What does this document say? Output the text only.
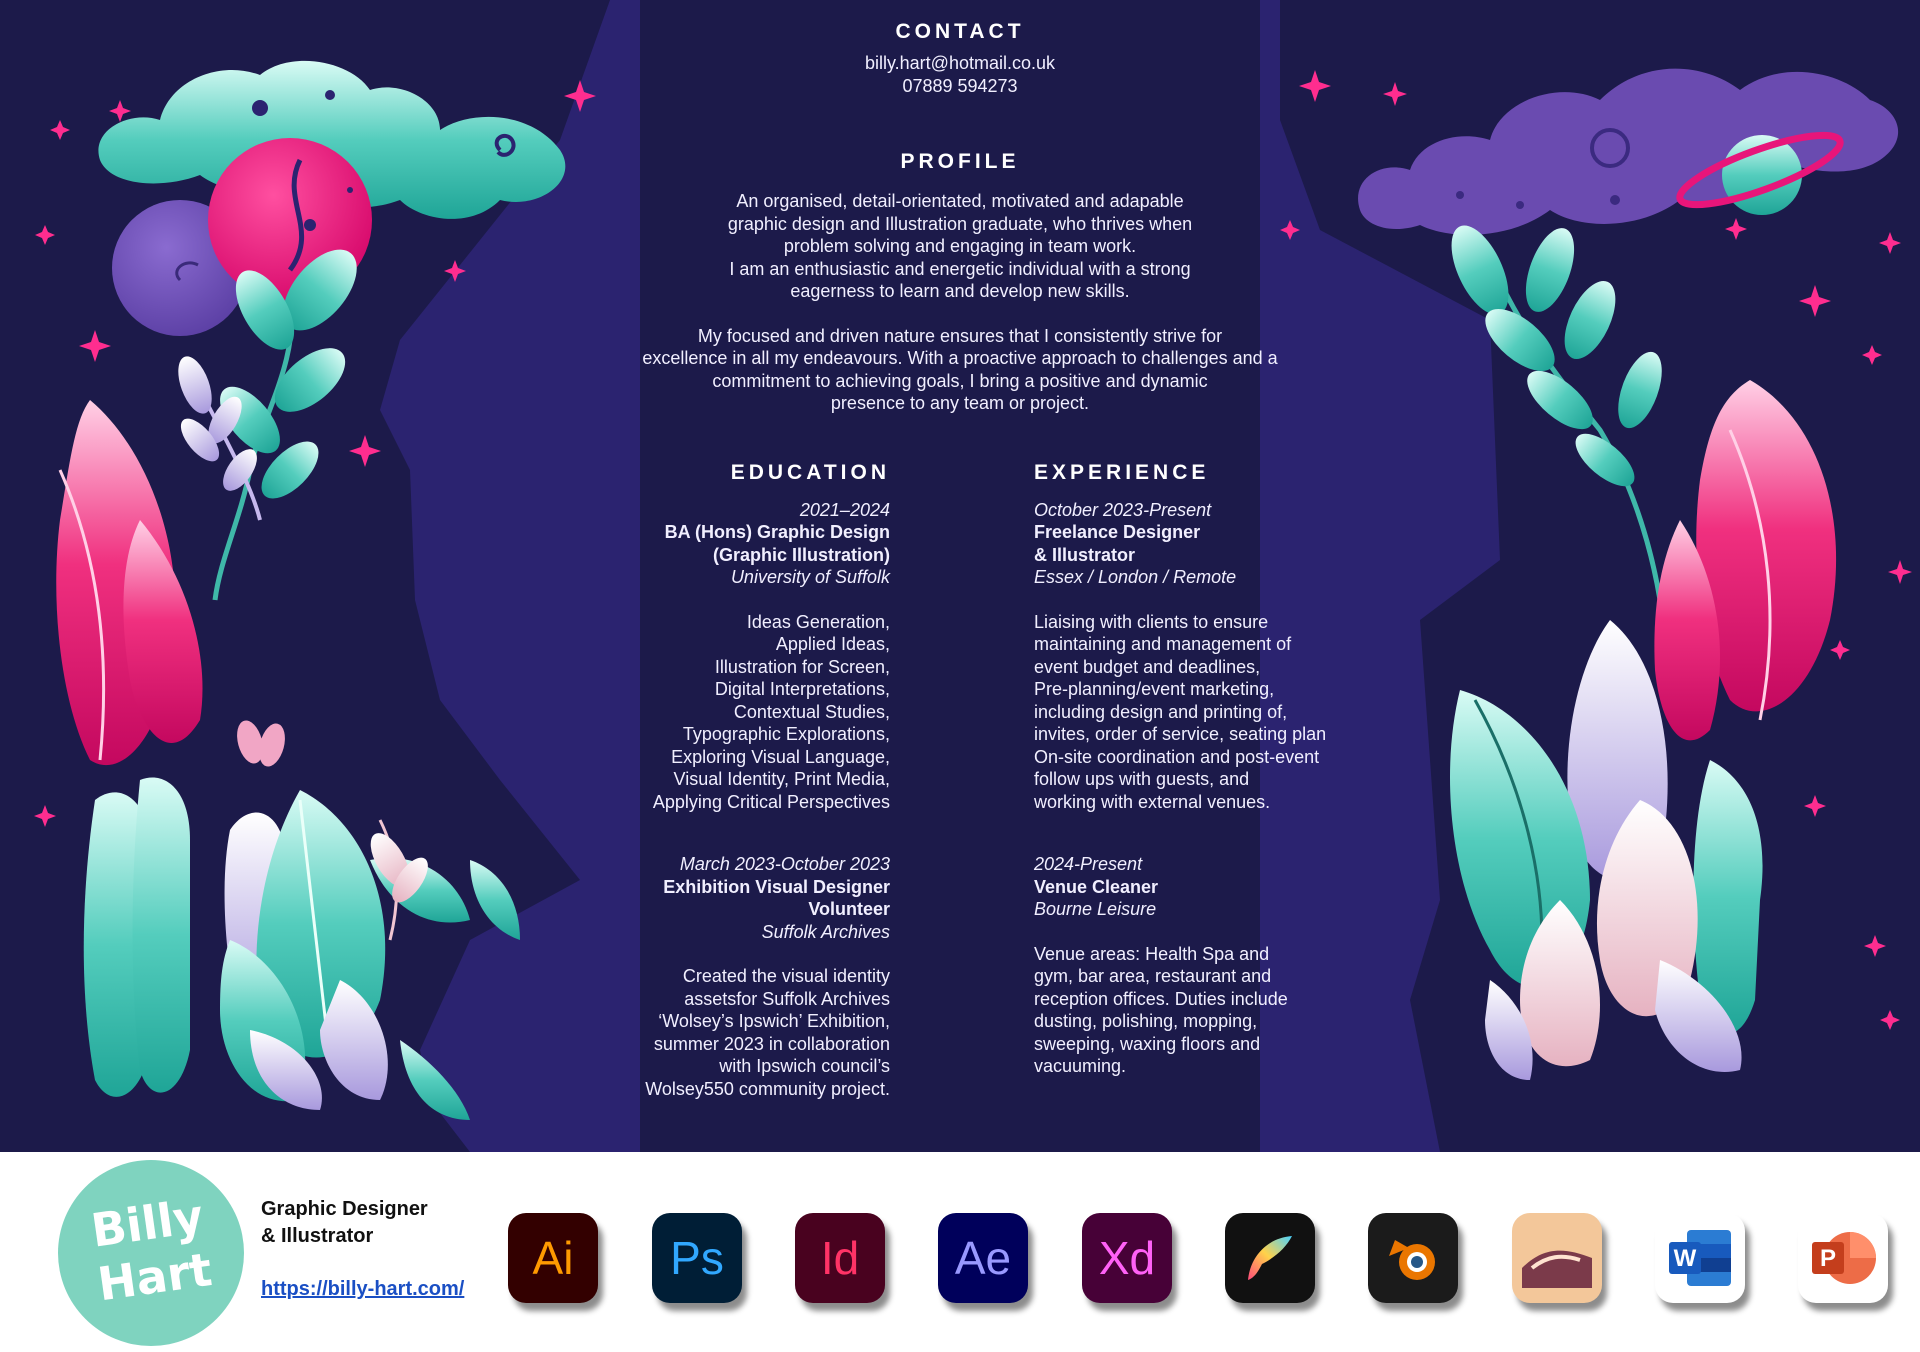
CONTACT
billy.hart@hotmail.co.uk
07889 594273
PROFILE

An organised, detail-orientated, motivated and adapable
graphic design and Illustration graduate, who thrives when
problem solving and engaging in team work.
I am an enthusiastic and energetic individual with a strong
eagerness to learn and develop new skills.

My focused and driven nature ensures that I consistently strive for
excellence in all my endeavours. With a proactive approach to challenges and a
commitment to achieving goals, I bring a positive and dynamic
presence to any team or project.

EDUCATION
2021–2024
BA (Hons) Graphic Design
(Graphic Illustration)
University of Suffolk
Ideas Generation,
Applied Ideas,
Illustration for Screen,
Digital Interpretations,
Contextual Studies,
Typographic Explorations,
Exploring Visual Language,
Visual Identity, Print Media,
Applying Critical Perspectives
March 2023-October 2023
Exhibition Visual Designer
Volunteer
Suffolk Archives
Created the visual identity
assetsfor Suffolk Archives
‘Wolsey’s Ipswich’ Exhibition,
summer 2023 in collaboration
with Ipswich council’s
Wolsey550 community project.
EXPERIENCE
October 2023-Present
Freelance Designer
& Illustrator
Essex / London / Remote
Liaising with clients to ensure
maintaining and management of
event budget and deadlines,
Pre-planning/event marketing,
including design and printing of,
invites, order of service, seating plan
On-site coordination and post-event
follow ups with guests, and
working with external venues.
2024-Present
Venue Cleaner
Bourne Leisure
Venue areas: Health Spa and
gym, bar area, restaurant and
reception offices. Duties include
dusting, polishing, mopping,
sweeping, waxing floors and
vacuuming.
Billy
Hart
Graphic Designer
& Illustrator
https://billy-hart.com/
Ai Ps Id Ae Xd	W	P
